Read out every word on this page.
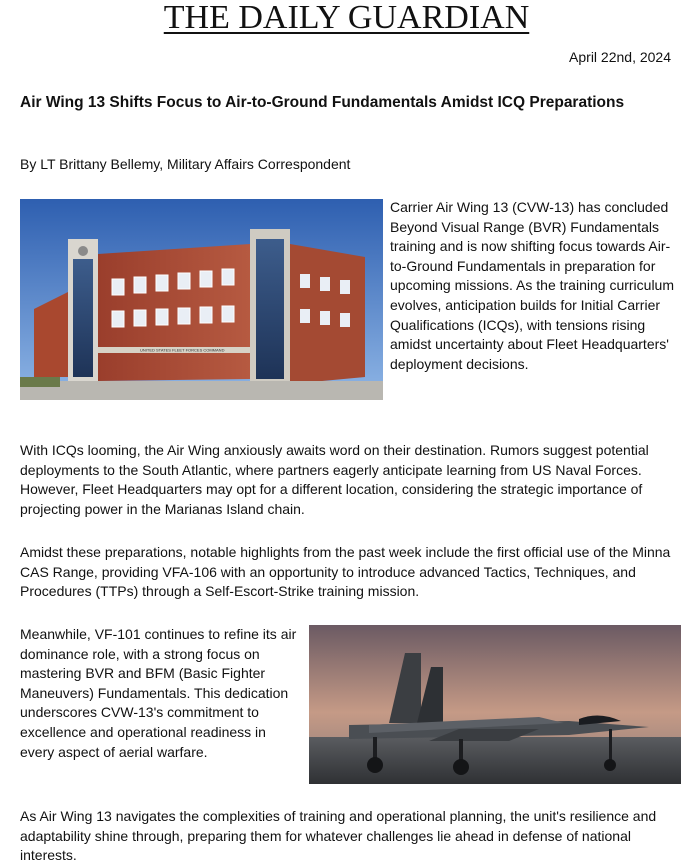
THE DAILY GUARDIAN
April 22nd, 2024
Air Wing 13 Shifts Focus to Air-to-Ground Fundamentals Amidst ICQ Preparations
By LT Brittany Bellemy, Military Affairs Correspondent
UNITED STATES FLEET FORCES COMMAND

Carrier Air Wing 13 (CVW-13) has concluded Beyond Visual Range (BVR) Fundamentals training and is now shifting focus towards Air-to-Ground Fundamentals in preparation for upcoming missions. As the training curriculum evolves, anticipation builds for Initial Carrier Qualifications (ICQs), with tensions rising amidst uncertainty about Fleet Headquarters' deployment decisions.

With ICQs looming, the Air Wing anxiously awaits word on their destination. Rumors suggest potential deployments to the South Atlantic, where partners eagerly anticipate learning from US Naval Forces. However, Fleet Headquarters may opt for a different location, considering the strategic importance of projecting power in the Marianas Island chain.

Amidst these preparations, notable highlights from the past week include the first official use of the Minna CAS Range, providing VFA-106 with an opportunity to introduce advanced Tactics, Techniques, and Procedures (TTPs) through a Self-Escort-Strike training mission.

Meanwhile, VF-101 continues to refine its air dominance role, with a strong focus on mastering BVR and BFM (Basic Fighter Maneuvers) Fundamentals. This dedication underscores CVW-13's commitment to excellence and operational readiness in every aspect of aerial warfare.

As Air Wing 13 navigates the complexities of training and operational planning, the unit's resilience and adaptability shine through, preparing them for whatever challenges lie ahead in defense of national interests.
